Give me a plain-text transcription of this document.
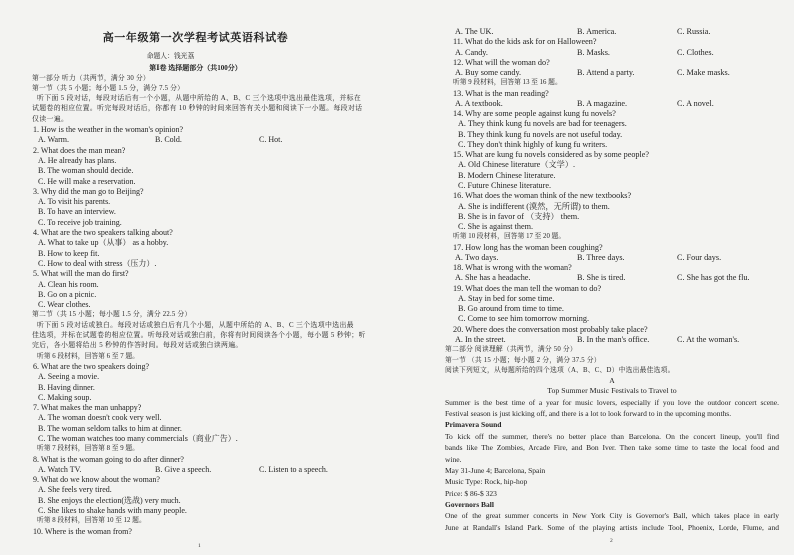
高一年级第一次学程考试英语科试卷
命题人：钱光荔
第Ⅰ卷 选择题部分（共100分）
第一部分 听力（共两节，满分 30 分）
第一节（共 5 小题；每小题 1.5 分，满分 7.5 分）
听下面 5 段对话，每段对话后有一个小题，从题中所给的 A、B、C 三个选项中选出最佳选项，并标在
试题卷的相应位置。听完每段对话后，你都有 10 秒钟的时间来回答有关小题和阅读下一小题。每段对话
仅读一遍。
1. How is the weather in the woman's opinion?
A. Warm.	B. Cold.	C. Hot.
2. What does the man mean?
A. He already has plans.
B. The woman should decide.
C. He will make a reservation.
3. Why did the man go to Beijing?
A. To visit his parents.
B. To have an interview.
C. To receive job training.
4. What are the two speakers talking about?
A. What to take up（从事） as a hobby.
B. How to keep fit.
C. How to deal with stress（压力）.
5. What will the man do first?
A. Clean his room.
B. Go on a picnic.
C. Wear clothes.
第二节（共 15 小题；每小题 1.5 分，满分 22.5 分）
听下面 5 段对话或独白。每段对话或独白后有几个小题，从题中所给的 A、B、C 三个选项中选出最
佳选项，并标在试题卷的相应位置。听每段对话或独白前，你将有时间阅读各个小题，每小题 5 秒钟；听
完后，各小题将给出 5 秒钟的作答时间。每段对话或独白读两遍。
听第 6 段材料，回答第 6 至 7 题。
6. What are the two speakers doing?
A. Seeing a movie.
B. Having dinner.
C. Making soup.
7. What makes the man unhappy?
A. The woman doesn't cook very well.
B. The woman seldom talks to him at dinner.
C. The woman watches too many commercials（商业广告）.
听第 7 段材料，回答第 8 至 9 题。
8. What is the woman going to do after dinner?
A. Watch TV.	B. Give a speech.	C. Listen to a speech.
9. What do we know about the woman?
A. She feels very tired.
B. She enjoys the election(选战) very much.
C. She likes to shake hands with many people.
听第 8 段材料，回答第 10 至 12 题。
10. Where is the woman from?
A. The UK.	B. America.	C. Russia.
11. What do the kids ask for on Halloween?
A. Candy.	B. Masks.	C. Clothes.
12. What will the woman do?
A. Buy some candy.	B. Attend a party.	C. Make masks.
听第 9 段材料，回答第 13 至 16 题。
13. What is the man reading?
A. A textbook.	B. A magazine.	C. A novel.
14. Why are some people against kung fu novels?
A. They think kung fu novels are bad for teenagers.
B. They think kung fu novels are not useful today.
C. They don't think highly of kung fu writers.
15. What are kung fu novels considered as by some people?
A. Old Chinese literature（文学）.
B. Modern Chinese literature.
C. Future Chinese literature.
16. What does the woman think of the new textbooks?
A. She is indifferent (漠然，无所谓) to them.
B. She is in favor of （支持） them.
C. She is against them.
听第 10 段材料，回答第 17 至 20 题。
17. How long has the woman been coughing?
A. Two days.	B. Three days.	C. Four days.
18. What is wrong with the woman?
A. She has a headache.	B. She is tired.	C. She has got the flu.
19. What does the man tell the woman to do?
A. Stay in bed for some time.
B. Go around from time to time.
C. Come to see him tomorrow morning.
20. Where does the conversation most probably take place?
A. In the street.	B. In the man's office.	C. At the woman's.
第二部分 阅读理解（共两节，满分 50 分）
第一节 （共 15 小题；每小题 2 分，满分 37.5 分）
阅读下列短文，从每题所给的四个选项（A、B、C、D）中选出最佳选项。
A
Top Summer Music Festivals to Travel to
Summer is the best time of a year for music lovers, especially if you love the outdoor concert scene.
Festival season is just kicking off, and there is a lot to look forward to in the upcoming months.
Primavera Sound
To kick off the summer, there's no better place than Barcelona. On the concert lineup, you'll find
bands like The Zombies, Arcade Fire, and Bon Iver. Then take some time to taste the local food and
wine.
May 31-June 4; Barcelona, Spain
Music Type: Rock, hip-hop
Price: $ 86-$ 323
Governors Ball
One of the great summer concerts in New York City is Governor's Ball, which takes place in early
June at Randall's Island Park. Some of the playing artists include Tool, Phoenix, Lorde, Flume, and
1
2
